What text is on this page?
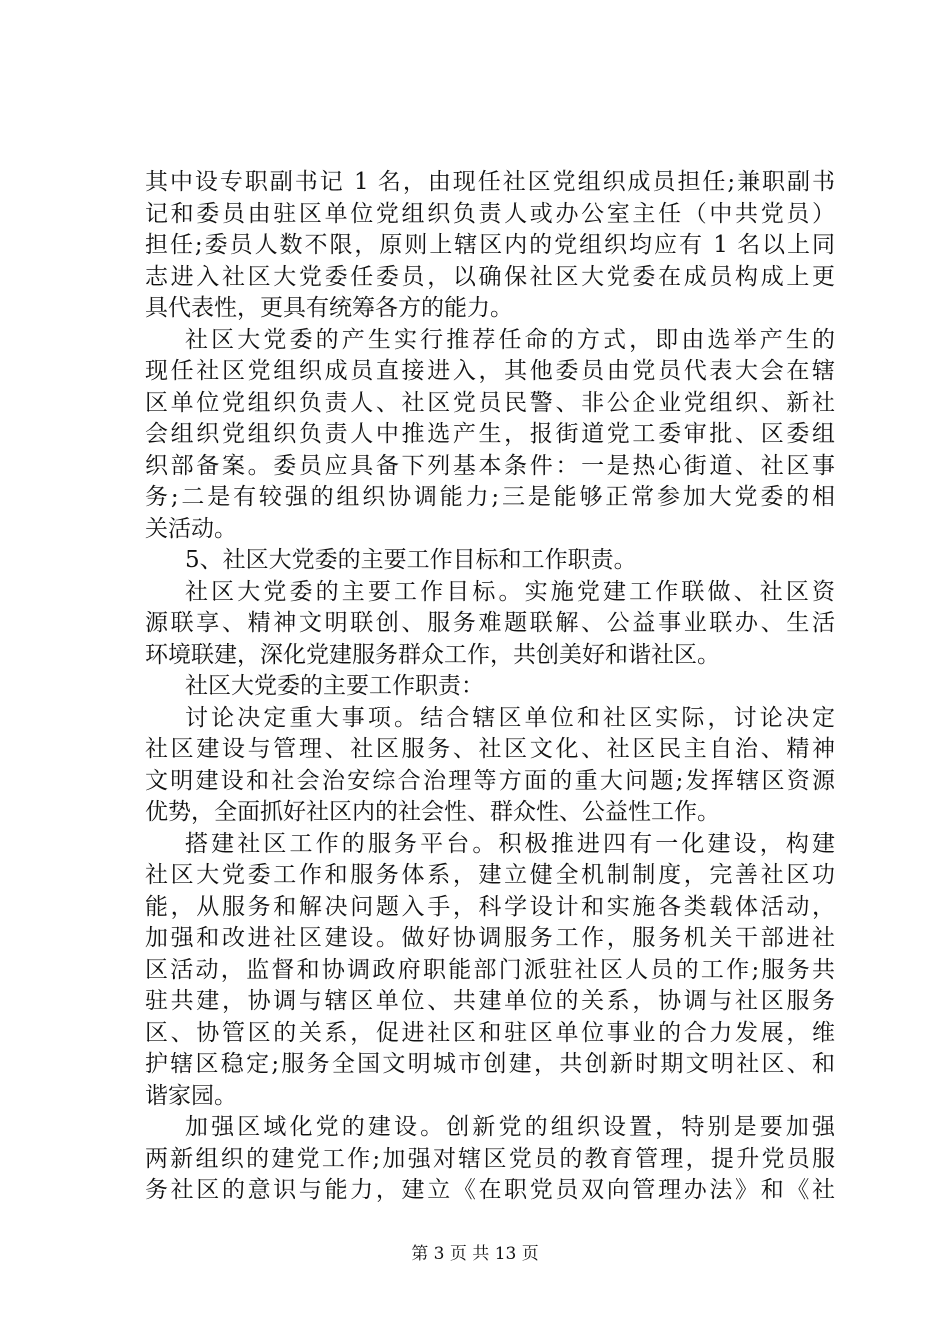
其中设专职副书记 1 名，由现任社区党组织成员担任;兼职副书
记和委员由驻区单位党组织负责人或办公室主任（中共党员）
担任;委员人数不限，原则上辖区内的党组织均应有 1 名以上同
志进入社区大党委任委员，以确保社区大党委在成员构成上更
具代表性，更具有统筹各方的能力。
社区大党委的产生实行推荐任命的方式，即由选举产生的
现任社区党组织成员直接进入，其他委员由党员代表大会在辖
区单位党组织负责人、社区党员民警、非公企业党组织、新社
会组织党组织负责人中推选产生，报街道党工委审批、区委组
织部备案。委员应具备下列基本条件：一是热心街道、社区事
务;二是有较强的组织协调能力;三是能够正常参加大党委的相
关活动。
5、社区大党委的主要工作目标和工作职责。
社区大党委的主要工作目标。实施党建工作联做、社区资
源联享、精神文明联创、服务难题联解、公益事业联办、生活
环境联建，深化党建服务群众工作，共创美好和谐社区。
社区大党委的主要工作职责：
讨论决定重大事项。结合辖区单位和社区实际，讨论决定
社区建设与管理、社区服务、社区文化、社区民主自治、精神
文明建设和社会治安综合治理等方面的重大问题;发挥辖区资源
优势，全面抓好社区内的社会性、群众性、公益性工作。
搭建社区工作的服务平台。积极推进四有一化建设，构建
社区大党委工作和服务体系，建立健全机制制度，完善社区功
能，从服务和解决问题入手，科学设计和实施各类载体活动，
加强和改进社区建设。做好协调服务工作，服务机关干部进社
区活动，监督和协调政府职能部门派驻社区人员的工作;服务共
驻共建，协调与辖区单位、共建单位的关系，协调与社区服务
区、协管区的关系，促进社区和驻区单位事业的合力发展，维
护辖区稳定;服务全国文明城市创建，共创新时期文明社区、和
谐家园。
加强区域化党的建设。创新党的组织设置，特别是要加强
两新组织的建党工作;加强对辖区党员的教育管理，提升党员服
务社区的意识与能力，建立《在职党员双向管理办法》和《社
第 3 页 共 13 页
